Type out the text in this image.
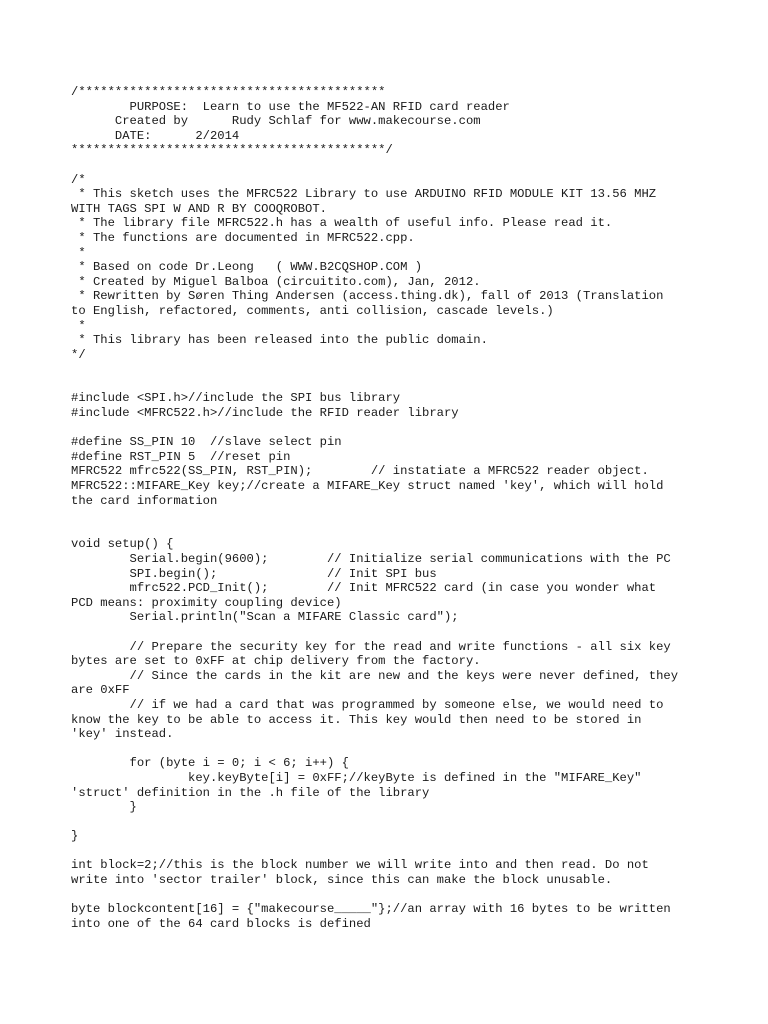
/******************************************
PURPOSE:  Learn to use the MF522-AN RFID card reader
Created by      Rudy Schlaf for www.makecourse.com
DATE:      2/2014
*******************************************/
/*
* This sketch uses the MFRC522 Library to use ARDUINO RFID MODULE KIT 13.56 MHZ
WITH TAGS SPI W AND R BY COOQROBOT.
* The library file MFRC522.h has a wealth of useful info. Please read it.
* The functions are documented in MFRC522.cpp.
*
* Based on code Dr.Leong   ( WWW.B2CQSHOP.COM )
* Created by Miguel Balboa (circuitito.com), Jan, 2012.
* Rewritten by Søren Thing Andersen (access.thing.dk), fall of 2013 (Translation
to English, refactored, comments, anti collision, cascade levels.)
*
* This library has been released into the public domain.
*/
#include <SPI.h>//include the SPI bus library
#include <MFRC522.h>//include the RFID reader library
#define SS_PIN 10  //slave select pin
#define RST_PIN 5  //reset pin
MFRC522 mfrc522(SS_PIN, RST_PIN);        // instatiate a MFRC522 reader object.
MFRC522::MIFARE_Key key;//create a MIFARE_Key struct named 'key', which will hold
the card information
void setup() {
Serial.begin(9600);        // Initialize serial communications with the PC
SPI.begin();               // Init SPI bus
mfrc522.PCD_Init();        // Init MFRC522 card (in case you wonder what
PCD means: proximity coupling device)
Serial.println("Scan a MIFARE Classic card");
// Prepare the security key for the read and write functions - all six key
bytes are set to 0xFF at chip delivery from the factory.
// Since the cards in the kit are new and the keys were never defined, they
are 0xFF
// if we had a card that was programmed by someone else, we would need to
know the key to be able to access it. This key would then need to be stored in
'key' instead.
for (byte i = 0; i < 6; i++) {
key.keyByte[i] = 0xFF;//keyByte is defined in the "MIFARE_Key"
'struct' definition in the .h file of the library
}
}
int block=2;//this is the block number we will write into and then read. Do not
write into 'sector trailer' block, since this can make the block unusable.
byte blockcontent[16] = {"makecourse_____"};//an array with 16 bytes to be written
into one of the 64 card blocks is defined
